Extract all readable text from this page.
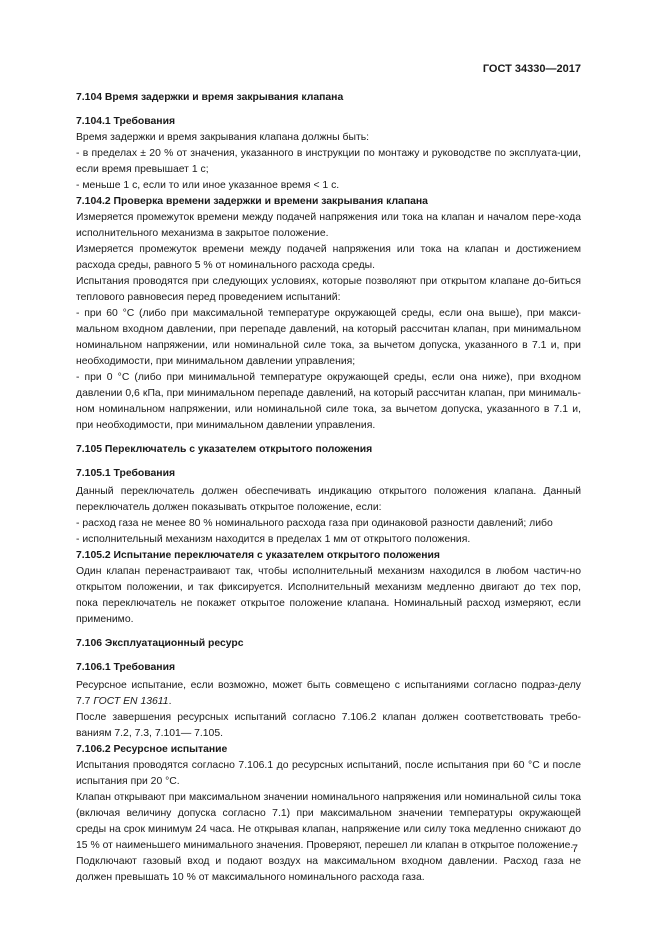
ГОСТ 34330—2017
7.104 Время задержки и время закрывания клапана
7.104.1 Требования

Время задержки и время закрывания клапана должны быть:

- в пределах ± 20 % от значения, указанного в инструкции по монтажу и руководстве по эксплуата-ции, если время превышает 1 с;

- меньше 1 с, если то или иное указанное время < 1 с.

7.104.2 Проверка времени задержки и времени закрывания клапана

Измеряется промежуток времени между подачей напряжения или тока на клапан и началом пере-хода исполнительного механизма в закрытое положение.

Измеряется промежуток времени между подачей напряжения или тока на клапан и достижением расхода среды, равного 5 % от номинального расхода среды.

Испытания проводятся при следующих условиях, которые позволяют при открытом клапане до-биться теплового равновесия перед проведением испытаний:

- при 60 °С (либо при максимальной температуре окружающей среды, если она выше), при макси-мальном входном давлении, при перепаде давлений, на который рассчитан клапан, при минимальном номинальном напряжении, или номинальной силе тока, за вычетом допуска, указанного в 7.1 и, при необходимости, при минимальном давлении управления;

- при 0 °С (либо при минимальной температуре окружающей среды, если она ниже), при входном давлении 0,6 кПа, при минимальном перепаде давлений, на который рассчитан клапан, при минималь-ном номинальном напряжении, или номинальной силе тока, за вычетом допуска, указанного в 7.1 и, при необходимости, при минимальном давлении управления.

7.105 Переключатель с указателем открытого положения
7.105.1 Требования

Данный переключатель должен обеспечивать индикацию открытого положения клапана. Данный переключатель должен показывать открытое положение, если:

- расход газа не менее 80 % номинального расхода газа при одинаковой разности давлений; либо

- исполнительный механизм находится в пределах 1 мм от открытого положения.

7.105.2 Испытание переключателя с указателем открытого положения

Один клапан перенастраивают так, чтобы исполнительный механизм находился в любом частич-но открытом положении, и так фиксируется. Исполнительный механизм медленно двигают до тех пор, пока переключатель не покажет открытое положение клапана. Номинальный расход измеряют, если применимо.

7.106 Эксплуатационный ресурс
7.106.1 Требования

Ресурсное испытание, если возможно, может быть совмещено с испытаниями согласно подраз-делу 7.7 ГОСТ EN 13611.

После завершения ресурсных испытаний согласно 7.106.2 клапан должен соответствовать требо-ваниям 7.2, 7.3, 7.101— 7.105.

7.106.2 Ресурсное испытание

Испытания проводятся согласно 7.106.1 до ресурсных испытаний, после испытания при 60 °С и после испытания при 20 °С.

Клапан открывают при максимальном значении номинального напряжения или номинальной силы тока (включая величину допуска согласно 7.1) при максимальном значении температуры окружающей среды на срок минимум 24 часа. Не открывая клапан, напряжение или силу тока медленно снижают до 15 % от наименьшего минимального значения. Проверяют, перешел ли клапан в открытое положение.

Подключают газовый вход и подают воздух на максимальном входном давлении. Расход газа не должен превышать 10 % от максимального номинального расхода газа.

7
